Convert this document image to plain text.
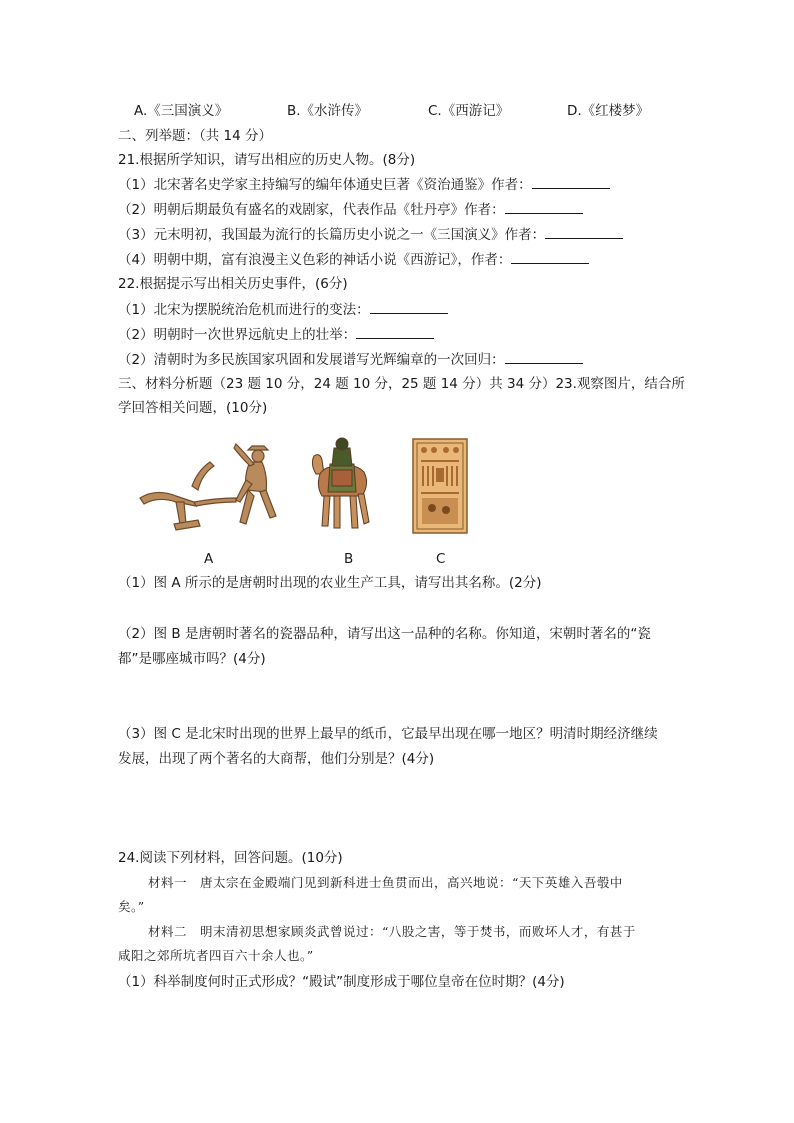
A.《三国演义》	B.《水浒传》	C.《西游记》	D.《红楼梦》
二、列举题：（共 14 分）
21.根据所学知识，请写出相应的历史人物。(8分)
（1）北宋著名史学家主持编写的编年体通史巨著《资治通鉴》作者：
（2）明朝后期最负有盛名的戏剧家，代表作品《牡丹亭》作者：
（3）元末明初，我国最为流行的长篇历史小说之一《三国演义》作者：
（4）明朝中期，富有浪漫主义色彩的神话小说《西游记》，作者：
22.根据提示写出相关历史事件，(6分)
（1）北宋为摆脱统治危机而进行的变法：
（2）明朝时一次世界远航史上的壮举：
（2）清朝时为多民族国家巩固和发展谱写光辉编章的一次回归：
三、材料分析题（23 题 10 分，24 题 10 分，25 题 14 分）共 34 分）23.观察图片，结合所
学回答相关问题，(10分)
A	B	C
（1）图 A 所示的是唐朝时出现的农业生产工具，请写出其名称。(2分)
（2）图 B 是唐朝时著名的瓷器品种，请写出这一品种的名称。你知道，宋朝时著名的“瓷
都”是哪座城市吗？(4分)
（3）图 C 是北宋时出现的世界上最早的纸币，它最早出现在哪一地区？明清时期经济继续
发展，出现了两个著名的大商帮，他们分别是？(4分)
24.阅读下列材料，回答问题。(10分)
材料一　唐太宗在金殿端门见到新科进士鱼贯而出，高兴地说：“天下英雄入吾彀中
矣。”
材料二　明末清初思想家顾炎武曾说过：“八股之害，等于焚书，而败坏人才，有甚于
咸阳之郊所坑者四百六十余人也。”
（1）科举制度何时正式形成？“殿试”制度形成于哪位皇帝在位时期？(4分)
